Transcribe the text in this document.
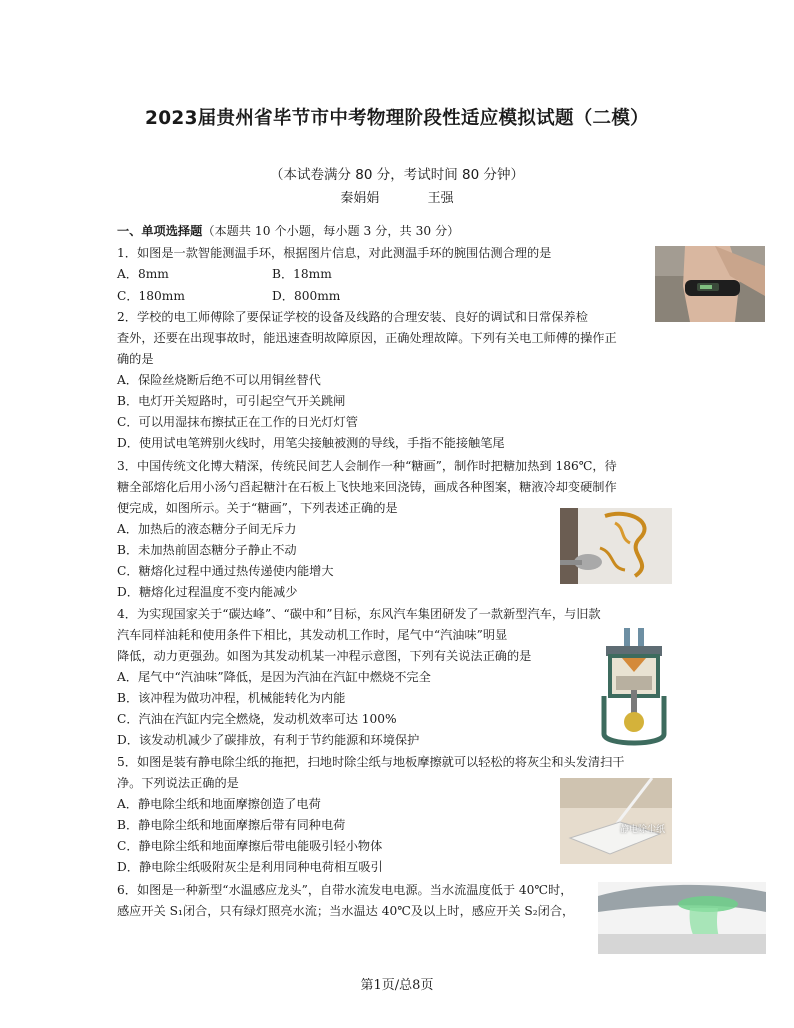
2023届贵州省毕节市中考物理阶段性适应模拟试题（二模）
（本试卷满分 80 分，考试时间 80 分钟）
秦娟娟	王强
一、单项选择题（本题共 10 个小题，每小题 3 分，共 30 分）
1．如图是一款智能测温手环，根据图片信息，对此测温手环的腕围估测合理的是
A．8mm	B．18mm
C．180mm	D．800mm
2．学校的电工师傅除了要保证学校的设备及线路的合理安装、良好的调试和日常保养检
查外，还要在出现事故时，能迅速查明故障原因，正确处理故障。下列有关电工师傅的操作正
确的是
A．保险丝烧断后绝不可以用铜丝替代
B．电灯开关短路时，可引起空气开关跳闸
C．可以用湿抹布擦拭正在工作的日光灯灯管
D．使用试电笔辨别火线时，用笔尖接触被测的导线，手指不能接触笔尾
3．中国传统文化博大精深，传统民间艺人会制作一种“糖画”，制作时把糖加热到 186℃，待
糖全部熔化后用小汤勺舀起糖汁在石板上飞快地来回浇铸，画成各种图案，糖液冷却变硬制作
便完成，如图所示。关于“糖画”，下列表述正确的是
A．加热后的液态糖分子间无斥力
B．未加热前固态糖分子静止不动
C．糖熔化过程中通过热传递使内能增大
D．糖熔化过程温度不变内能减少
4．为实现国家关于“碳达峰”、“碳中和”目标，东风汽车集团研发了一款新型汽车，与旧款
汽车同样油耗和使用条件下相比，其发动机工作时，尾气中“汽油味”明显
降低，动力更强劲。如图为其发动机某一冲程示意图，下列有关说法正确的是
A．尾气中“汽油味”降低，是因为汽油在汽缸中燃烧不完全
B．该冲程为做功冲程，机械能转化为内能
C．汽油在汽缸内完全燃烧，发动机效率可达 100%
D．该发动机减少了碳排放，有利于节约能源和环境保护
5．如图是装有静电除尘纸的拖把，扫地时除尘纸与地板摩擦就可以轻松的将灰尘和头发清扫干
净。下列说法正确的是
A．静电除尘纸和地面摩擦创造了电荷
B．静电除尘纸和地面摩擦后带有同种电荷
C．静电除尘纸和地面摩擦后带电能吸引轻小物体
D．静电除尘纸吸附灰尘是利用同种电荷相互吸引
6．如图是一种新型“水温感应龙头”，自带水流发电电源。当水流温度低于 40℃时，
感应开关 S₁闭合，只有绿灯照亮水流；当水温达 40℃及以上时，感应开关 S₂闭合，
静电除尘纸
第1页/总8页
